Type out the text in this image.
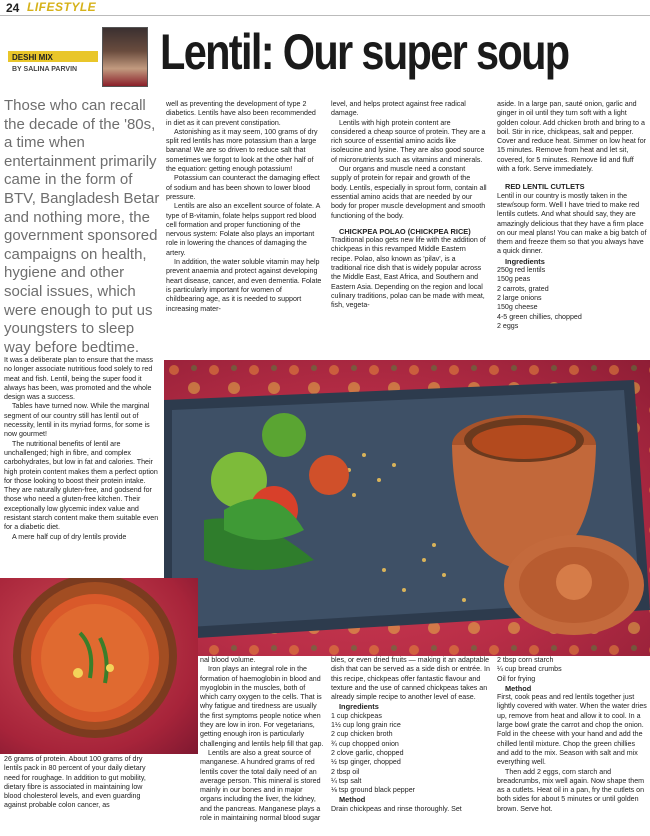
24 LIFESTYLE
DESHI MIX
BY SALINA PARVIN Lentil: Our super soup
Those who can recall the decade of the '80s, a time when entertainment primarily came in the form of BTV, Bangladesh Betar and nothing more, the government sponsored campaigns on health, hygiene and other social issues, which were enough to put us youngsters to sleep way before bedtime.

It was a deliberate plan to ensure that the mass no longer associate nutritious food solely to red meat and fish. Lentil, being the super food it always has been, was promoted and the whole design was a success.

Tables have turned now. While the marginal segment of our country still has lentil out of necessity, lentil in its myriad forms, for some is now gourmet!

The nutritional benefits of lentil are unchallenged; high in fibre, and complex carbohydrates, but low in fat and calories. Their high protein content makes them a perfect option for those looking to boost their protein intake. They are naturally gluten-free, and godsend for those who need a gluten-free kitchen. Their exceptionally low glycemic index value and resistant starch content make them suitable even for a diabetic diet.

A mere half cup of dry lentils provide

26 grams of protein. About 100 grams of dry lentils pack in 80 percent of your daily dietary need for roughage. In addition to gut mobility, dietary fibre is associated in maintaining low blood cholesterol levels, and even guarding against probable colon cancer, as

well as preventing the development of type 2 diabetics. Lentils have also been recommended in diet as it can prevent constipation.

Astonishing as it may seem, 100 grams of dry split red lentils has more potassium than a large banana! We are so driven to reduce salt that sometimes we forgot to look at the other half of the equation: getting enough potassium!

Potassium can counteract the damaging effect of sodium and has been shown to lower blood pressure.

Lentils are also an excellent source of folate. A type of B-vitamin, folate helps support red blood cell formation and proper functioning of the nervous system: Folate also plays an important role in lowering the chances of damaging the artery.

In addition, the water soluble vitamin may help prevent anaemia and protect against developing heart disease, cancer, and even dementia. Folate is particularly important for women of childbearing age, as it is needed to support increasing mater-

nal blood volume.

Iron plays an integral role in the formation of haemoglobin in blood and myoglobin in the muscles, both of which carry oxygen to the cells. That is why fatigue and tiredness are usually the first symptoms people notice when they are low in iron. For vegetarians, getting enough iron is particularly challenging and lentils help fill that gap.

Lentils are also a great source of manganese. A hundred grams of red lentils cover the total daily need of an average person. This mineral is stored mainly in our bones and in major organs including the liver, the kidney, and the pancreas. Manganese plays a role in maintaining normal blood sugar

level, and helps protect against free radical damage.

Lentils with high protein content are considered a cheap source of protein. They are a rich source of essential amino acids like isoleucine and lysine. They are also good source of micronutrients such as vitamins and minerals.

Our organs and muscle need a constant supply of protein for repair and growth of the body. Lentils, especially in sprout form, contain all essential amino acids that are needed by our body for proper muscle development and smooth functioning of the body.

CHICKPEA POLAO (CHICKPEA RICE)

Traditional polao gets new life with the addition of chickpeas in this revamped Middle Eastern recipe. Polao, also known as 'pilav', is a traditional rice dish that is widely popular across the Middle East, East Africa, and Southern and Eastern Asia. Depending on the region and local culinary traditions, polao can be made with meat, fish, vegeta-

bles, or even dried fruits — making it an adaptable dish that can be served as a side dish or entrée. In this recipe, chickpeas offer fantastic flavour and texture and the use of canned chickpeas takes an already simple recipe to another level of ease.

Ingredients

1 cup chickpeas
1½ cup long grain rice
2 cup chicken broth
¾ cup chopped onion
2 clove garlic, chopped
½ tsp ginger, chopped
2 tbsp oil
¼ tsp salt
⅛ tsp ground black pepper

Method

Drain chickpeas and rinse thoroughly. Set

aside. In a large pan, sauté onion, garlic and ginger in oil until they turn soft with a light golden colour. Add chicken broth and bring to a boil. Stir in rice, chickpeas, salt and pepper. Cover and reduce heat. Simmer on low heat for 15 minutes. Remove from heat and let sit, covered, for 5 minutes. Remove lid and fluff with a fork. Serve immediately.

RED LENTIL CUTLETS

Lentil in our country is mostly taken in the stew/soup form. Well I have tried to make red lentils cutlets. And what should say, they are amazingly delicious that they have a firm place on our meal plans! You can make a big batch of them and freeze them so that you always have a quick dinner.

Ingredients

250g red lentils
150g peas
2 carrots, grated
2 large onions
150g cheese
4-5 green chillies, chopped
2 eggs
2 tbsp corn starch
¼ cup bread crumbs
Oil for frying

Method

First, cook peas and red lentils together just lightly covered with water. When the water dries up, remove from heat and allow it to cool. In a large bowl grate the carrot and chop the onion. Fold in the cheese with your hand and add the chilled lentil mixture. Chop the green chillies and add to the mix. Season with salt and mix everything well.

Then add 2 eggs, corn starch and breadcrumbs, mix well again. Now shape them as a cutlets. Heat oil in a pan, fry the cutlets on both sides for about 5 minutes or until golden brown. Serve hot.
